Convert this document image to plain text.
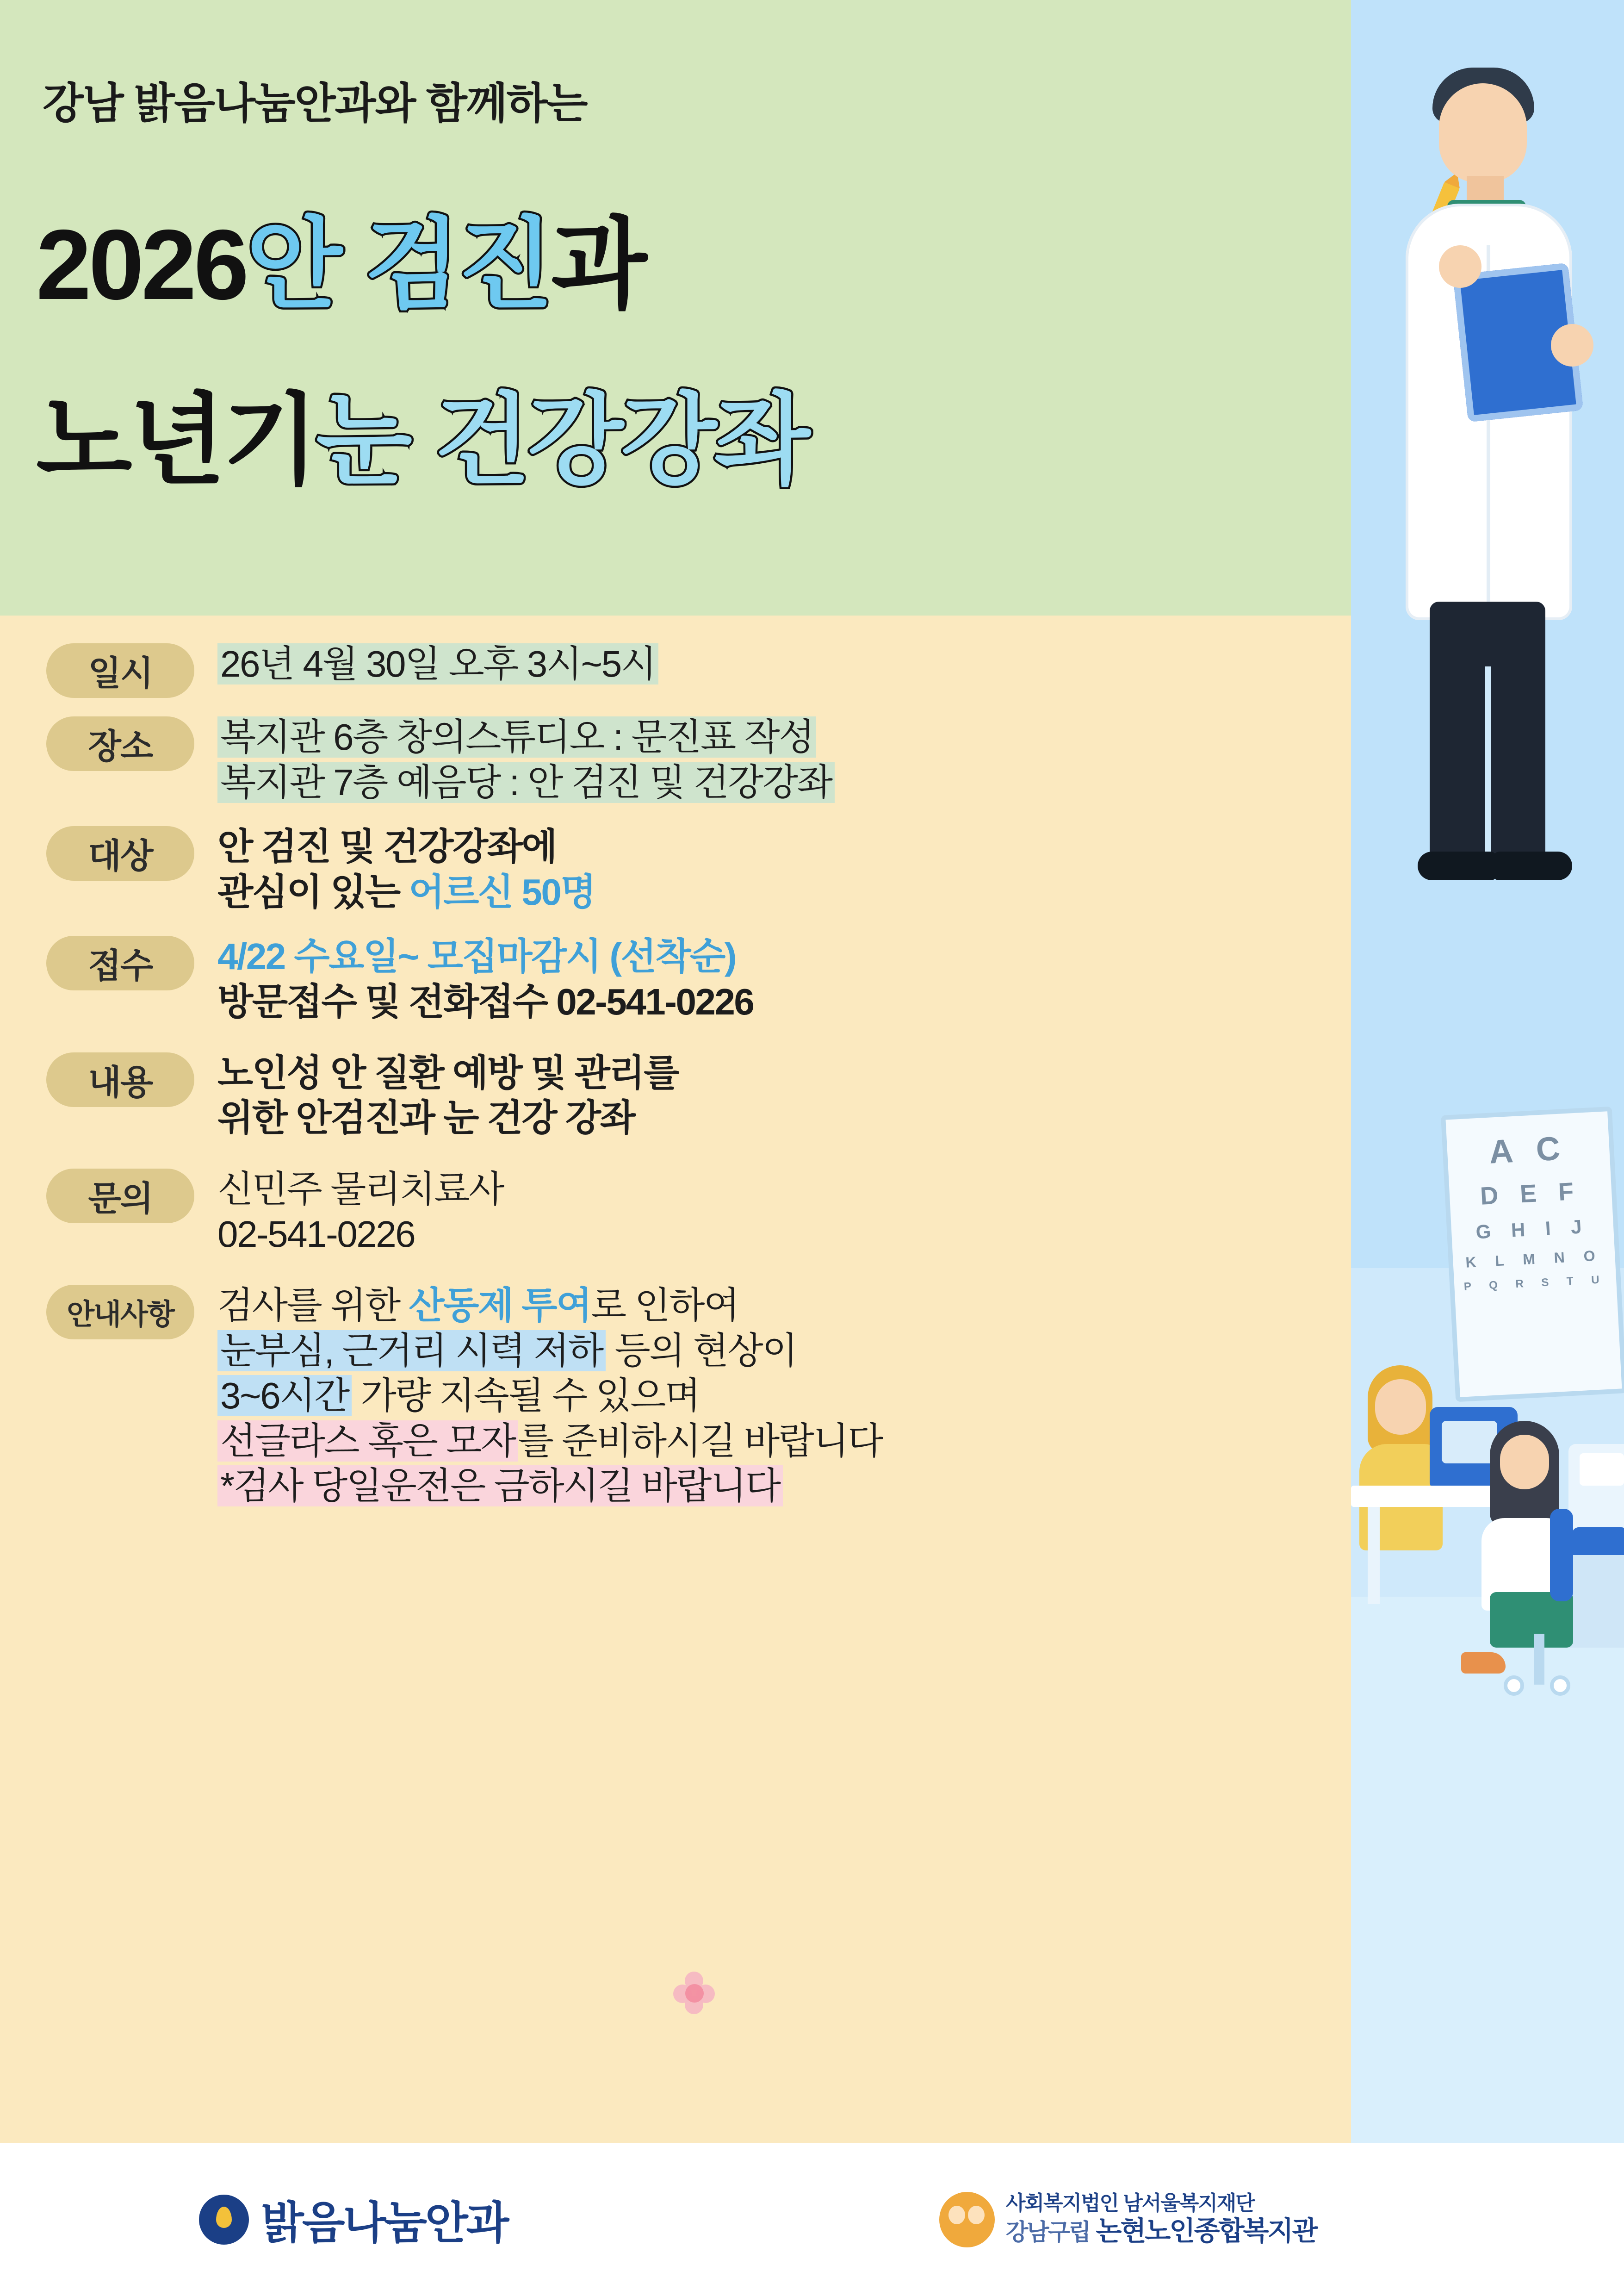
강남 밝음나눔안과와 함께하는
2026안 검진과
노년기눈 건강강좌
일시	26년 4월 30일 오후 3시~5시
장소	복지관 6층 창의스튜디오 : 문진표 작성
복지관 7층 예음당 : 안 검진 및 건강강좌
대상	안 검진 및 건강강좌에
관심이 있는 어르신 50명
접수	4/22 수요일~ 모집마감시 (선착순)
방문접수 및 전화접수 02-541-0226
내용	노인성 안 질환 예방 및 관리를
위한 안검진과 눈 건강 강좌
문의	신민주 물리치료사
02-541-0226
안내사항	검사를 위한 산동제 투여로 인하여
눈부심, 근거리 시력 저하 등의 현상이
3~6시간 가량 지속될 수 있으며
선글라스 혹은 모자를 준비하시길 바랍니다
*검사 당일운전은 금하시길 바랍니다
A C
D E F
G H I J
K L M N O
P Q R S T U
밝음나눔안과	사회복지법인 남서울복지재단
강남구립 논현노인종합복지관
